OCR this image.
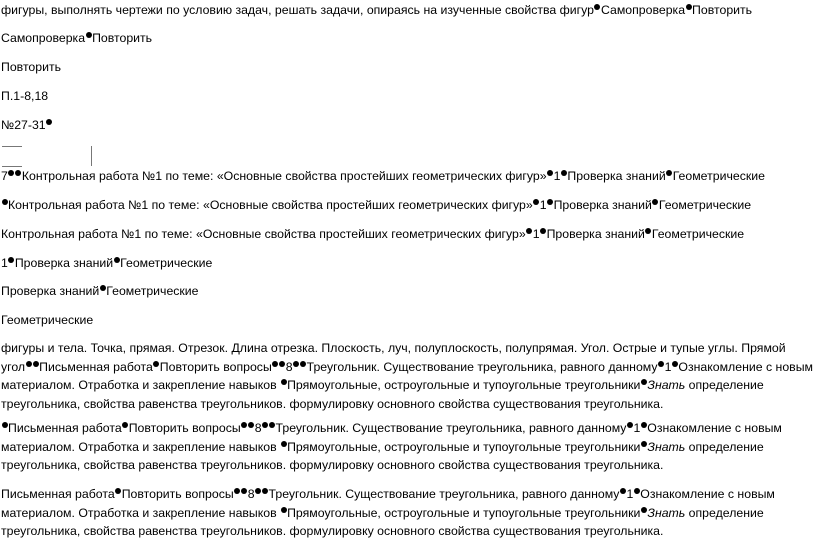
фигуры, выполнять чертежи по условию задач, решать задачи, опираясь на изученные свойства фигур Самопроверка Повторить
Самопроверка Повторить
Повторить
П.1-8,18
№27-31
7 Контрольная работа №1 по теме: «Основные свойства простейших геометрических фигур» 1 Проверка знаний Геометрические
Контрольная работа №1 по теме: «Основные свойства простейших геометрических фигур» 1 Проверка знаний Геометрические
Контрольная работа №1 по теме: «Основные свойства простейших геометрических фигур» 1 Проверка знаний Геометрические
1 Проверка знаний Геометрические
Проверка знаний Геометрические
Геометрические
фигуры и тела. Точка, прямая. Отрезок. Длина отрезка. Плоскость, луч, полуплоскость, полупрямая. Угол. Острые и тупые углы. Прямой
угол Письменная работа Повторить вопросы 8 Треугольник. Существование треугольника, равного данному 1 Ознакомление с новым материалом. Отработка и закрепление навыков Прямоугольные, остроугольные и тупоугольные треугольники Знать определение треугольника, свойства равенства треугольников. формулировку основного свойства существования треугольника.
Письменная работа Повторить вопросы 8 Треугольник. Существование треугольника, равного данному 1 Ознакомление с новым материалом. Отработка и закрепление навыков Прямоугольные, остроугольные и тупоугольные треугольники Знать определение треугольника, свойства равенства треугольников. формулировку основного свойства существования треугольника.
Письменная работа Повторить вопросы 8 Треугольник. Существование треугольника, равного данному 1 Ознакомление с новым материалом. Отработка и закрепление навыков Прямоугольные, остроугольные и тупоугольные треугольники Знать определение треугольника, свойства равенства треугольников. формулировку основного свойства существования треугольника.
